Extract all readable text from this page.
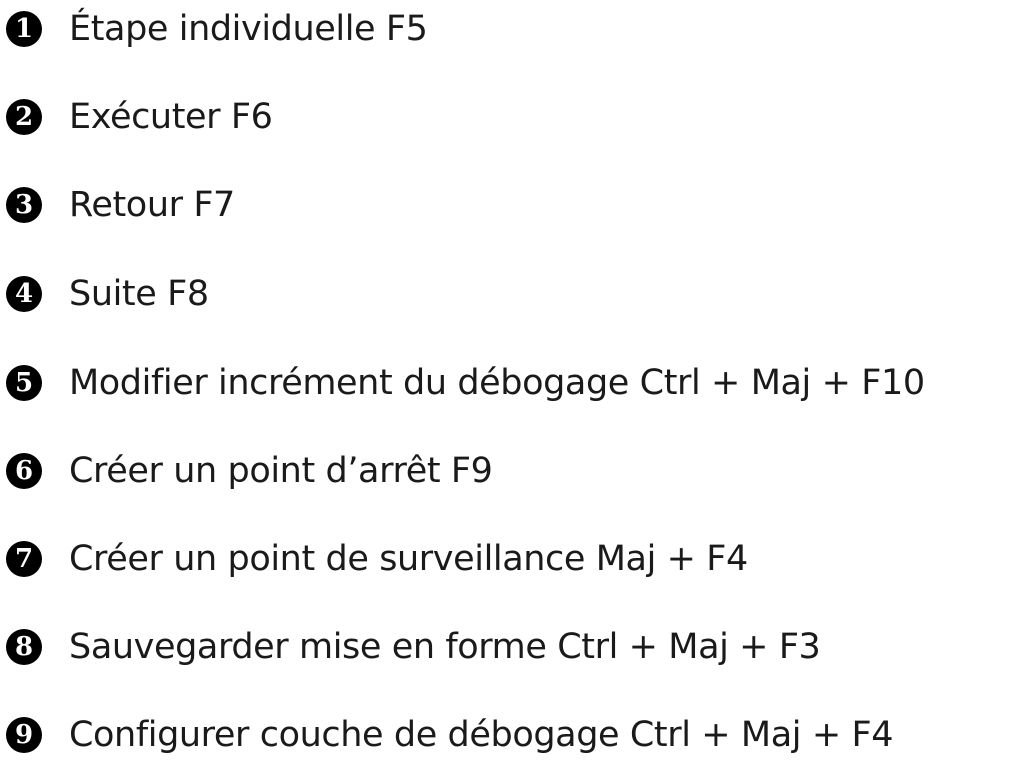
1 Étape individuelle F5
2 Exécuter F6
3 Retour F7
4 Suite F8
5 Modifier incrément du débogage Ctrl + Maj + F10
6 Créer un point d’arrêt F9
7 Créer un point de surveillance Maj + F4
8 Sauvegarder mise en forme Ctrl + Maj + F3
9 Configurer couche de débogage Ctrl + Maj + F4
